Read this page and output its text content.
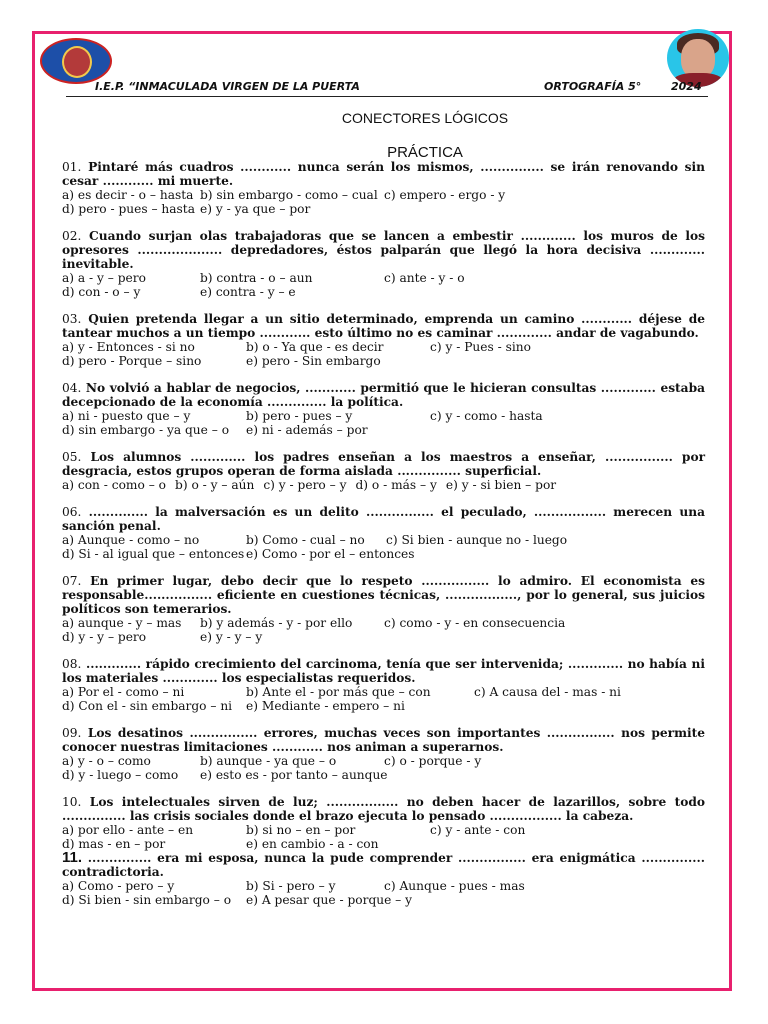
I.E.P. “INMACULADA VIRGEN DE LA PUERTA	ORTOGRAFÍA 5°	2024
CONECTORES LÓGICOS
PRÁCTICA
01. Pintaré más cuadros ............ nunca serán los mismos, ............... se irán renovando sin cesar ............ mi muerte.
a) es decir - o – hasta b) sin embargo - como – cual c) empero - ergo - y
d) pero - pues – hasta e) y - ya que – por
02. Cuando surjan olas trabajadoras que se lancen a embestir ............. los muros de los opresores .................... depredadores, éstos palparán que llegó la hora decisiva ............. inevitable.
a) a - y – pero	b) contra - o – aun	c) ante - y - o
d) con - o – y	e) contra - y – e
03. Quien pretenda llegar a un sitio determinado, emprenda un camino ............ déjese de tantear muchos a un tiempo ............ esto último no es caminar ............. andar de vagabundo.
a) y - Entonces - si no	b) o - Ya que - es decir	c) y - Pues - sino
d) pero - Porque – sino	e) pero - Sin embargo
04. No volvió a hablar de negocios, ............ permitió que le hicieran consultas ............. estaba decepcionado de la economía .............. la política.
a) ni - puesto que – y	b) pero - pues – y	c) y - como - hasta
d) sin embargo - ya que – o	e) ni - además – por
05. Los alumnos ............. los padres enseñan a los maestros a enseñar, ................ por desgracia, estos grupos operan de forma aislada ............... superficial.
a) con - como – o b) o - y – aún c) y - pero – y d) o - más – y e) y - si bien – por
06. .............. la malversación es un delito ................ el peculado, ................. merecen una sanción penal.
a) Aunque - como – no	b) Como - cual – no	c) Si bien - aunque no - luego
d) Si - al igual que – entonces e) Como - por el – entonces
07. En primer lugar, debo decir que lo respeto ................ lo admiro. El economista es responsable................ eficiente en cuestiones técnicas, ................., por lo general, sus juicios políticos son temerarios.
a) aunque - y – mas	b) y además - y - por ello	c) como - y - en consecuencia
d) y - y – pero	e) y - y – y
08. ............. rápido crecimiento del carcinoma, tenía que ser intervenida; ............. no había ni los materiales ............. los especialistas requeridos.
a) Por el - como – ni	b) Ante el - por más que – con	c) A causa del - mas - ni
d) Con el - sin embargo – ni	e) Mediante - empero – ni
09. Los desatinos ................ errores, muchas veces son importantes ................ nos permite conocer nuestras limitaciones ............ nos animan a superarnos.
a) y - o – como	b) aunque - ya que – o	c) o - porque - y
d) y - luego – como	e) esto es - por tanto – aunque
10. Los intelectuales sirven de luz; ................. no deben hacer de lazarillos, sobre todo ............... las crisis sociales donde el brazo ejecuta lo pensado ................. la cabeza.
a) por ello - ante – en	b) si no – en – por	c) y - ante - con
d) mas - en – por	e) en cambio - a - con
11. ............... era mi esposa, nunca la pude comprender ................ era enigmática ............... contradictoria.
a) Como - pero – y	b) Si - pero – y	c) Aunque - pues - mas
d) Si bien - sin embargo – o	e) A pesar que - porque – y
